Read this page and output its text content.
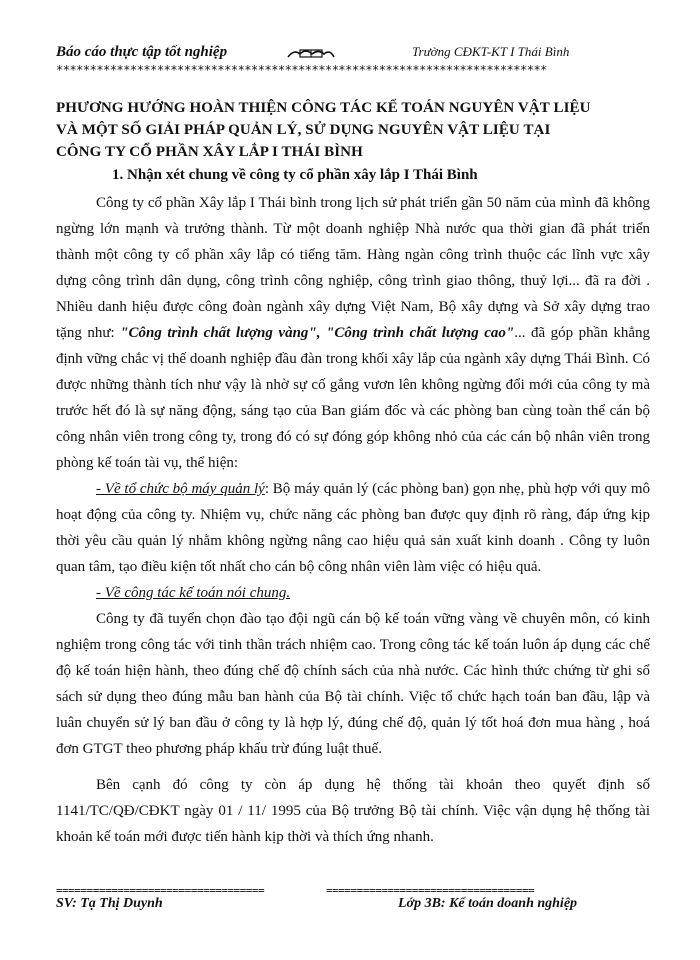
Báo cáo thực tập tốt nghiệp	Trường CĐKT-KT I Thái Bình
*************************************************************************
PHƯƠNG HƯỚNG HOÀN THIỆN CÔNG TÁC KẾ TOÁN NGUYÊN VẬT LIỆU
VÀ MỘT SỐ GIẢI PHÁP QUẢN LÝ, SỬ DỤNG NGUYÊN VẬT LIỆU TẠI
CÔNG TY CỔ PHẦN XÂY LẮP I THÁI BÌNH
1. Nhận xét chung về công ty cổ phần xây lắp I Thái Bình

Công ty cổ phần Xây lắp I Thái bình trong lịch sử phát triển gần 50 năm của mình đã không ngừng lớn mạnh và trưởng thành. Từ một doanh nghiệp Nhà nước qua thời gian đã phát triển thành một công ty cổ phần xây lắp có tiếng tăm. Hàng ngàn công trình thuộc các lĩnh vực xây dựng công trình dân dụng, công trình công nghiệp, công trình giao thông, thuỷ lợi... đã ra đời . Nhiều danh hiệu được công đoàn ngành xây dựng Việt Nam, Bộ xây dựng và Sở xây dựng trao tặng như: "Công trình chất lượng vàng", "Công trình chất lượng cao"... đã góp phần khẳng định vững chắc vị thế doanh nghiệp đầu đàn trong khối xây lắp của ngành xây dựng Thái Bình. Có được những thành tích như vậy là nhờ sự cố gắng vươn lên không ngừng đổi mới của công ty mà trước hết đó là sự năng động, sáng tạo của Ban giám đốc và các phòng ban cùng toàn thể cán bộ công nhân viên trong công ty, trong đó có sự đóng góp không nhỏ của các cán bộ nhân viên trong phòng kế toán tài vụ, thể hiện:

- Về tổ chức bộ máy quản lý: Bộ máy quản lý (các phòng ban) gọn nhẹ, phù hợp với quy mô hoạt động của công ty. Nhiệm vụ, chức năng các phòng ban được quy định rõ ràng, đáp ứng kịp thời yêu cầu quản lý nhằm không ngừng nâng cao hiệu quả sản xuất kinh doanh . Công ty luôn quan tâm, tạo điều kiện tốt nhất cho cán bộ công nhân viên làm việc có hiệu quả.

- Về công tác kế toán nói chung.

Công ty đã tuyển chọn đào tạo đội ngũ cán bộ kế toán vững vàng về chuyên môn, có kinh nghiệm trong công tác với tinh thần trách nhiệm cao. Trong công tác kế toán luôn áp dụng các chế độ kế toán hiện hành, theo đúng chế độ chính sách của nhà nước. Các hình thức chứng từ ghi sổ sách sử dụng theo đúng mẫu ban hành của Bộ tài chính. Việc tổ chức hạch toán ban đầu, lập và luân chuyển sử lý ban đầu ở công ty là hợp lý, đúng chế độ, quản lý tốt hoá đơn mua hàng , hoá đơn GTGT theo phương pháp khấu trừ đúng luật thuế.

Bên cạnh đó công ty còn áp dụng hệ thống tài khoản theo quyết định số 1141/TC/QĐ/CĐKT ngày 01 / 11/ 1995 của Bộ trưởng Bộ tài chính. Việc vận dụng hệ thống tài khoản kế toán mới được tiến hành kịp thời và thích ứng nhanh.

==================================	==================================
SV: Tạ Thị Duynh	Lớp 3B: Kế toán doanh nghiệp
